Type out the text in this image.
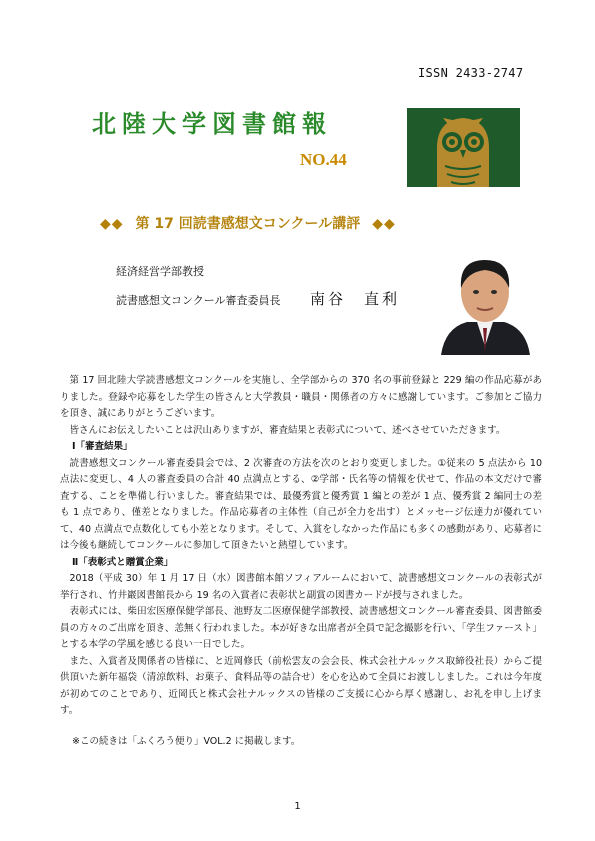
ISSN 2433-2747
北陸大学図書館報
NO.44
◆◆ 第 17 回読書感想文コンクール講評 ◆◆
経済経営学部教授
読書感想文コンクール審査委員長 南谷　直利

第 17 回北陸大学読書感想文コンクールを実施し、全学部からの 370 名の事前登録と 229 編の作品応募がありました。登録や応募をした学生の皆さんと大学教員・職員・関係者の方々に感謝しています。ご参加とご協力を頂き、誠にありがとうございます。

皆さんにお伝えしたいことは沢山ありますが、審査結果と表彰式について、述べさせていただきます。

Ⅰ「審査結果」

読書感想文コンクール審査委員会では、2 次審査の方法を次のとおり変更しました。①従来の 5 点法から 10 点法に変更し、4 人の審査委員の合計 40 点満点とする、②学部・氏名等の情報を伏せて、作品の本文だけで審査する、ことを準備し行いました。審査結果では、最優秀賞と優秀賞 1 編との差が 1 点、優秀賞 2 編同士の差も 1 点であり、僅差となりました。作品応募者の主体性（自己が全力を出す）とメッセージ伝達力が優れていて、40 点満点で点数化しても小差となります。そして、入賞をしなかった作品にも多くの感動があり、応募者には今後も継続してコンクールに参加して頂きたいと熱望しています。

Ⅱ「表彰式と贈賞企業」

2018（平成 30）年 1 月 17 日（水）図書館本館ソフィアルームにおいて、読書感想文コンクールの表彰式が挙行され、竹井巖図書館長から 19 名の入賞者に表彰状と副賞の図書カードが授与されました。

表彰式には、柴田宏医療保健学部長、池野友二医療保健学部教授、読書感想文コンクール審査委員、図書館委員の方々のご出席を頂き、恙無く行われました。本が好きな出席者が全員で記念撮影を行い、「学生ファースト」とする本学の学風を感じる良い一日でした。

また、入賞者及関係者の皆様に、と近岡修氏（前松雲友の会会長、株式会社ナルックス取締役社長）からご提供頂いた新年福袋（清涼飲料、お菓子、食料品等の詰合せ）を心を込めて全員にお渡ししました。これは今年度が初めてのことであり、近岡氏と株式会社ナルックスの皆様のご支援に心から厚く感謝し、お礼を申し上げます。

※この続きは「ふくろう便り」VOL.2 に掲載します。

1
